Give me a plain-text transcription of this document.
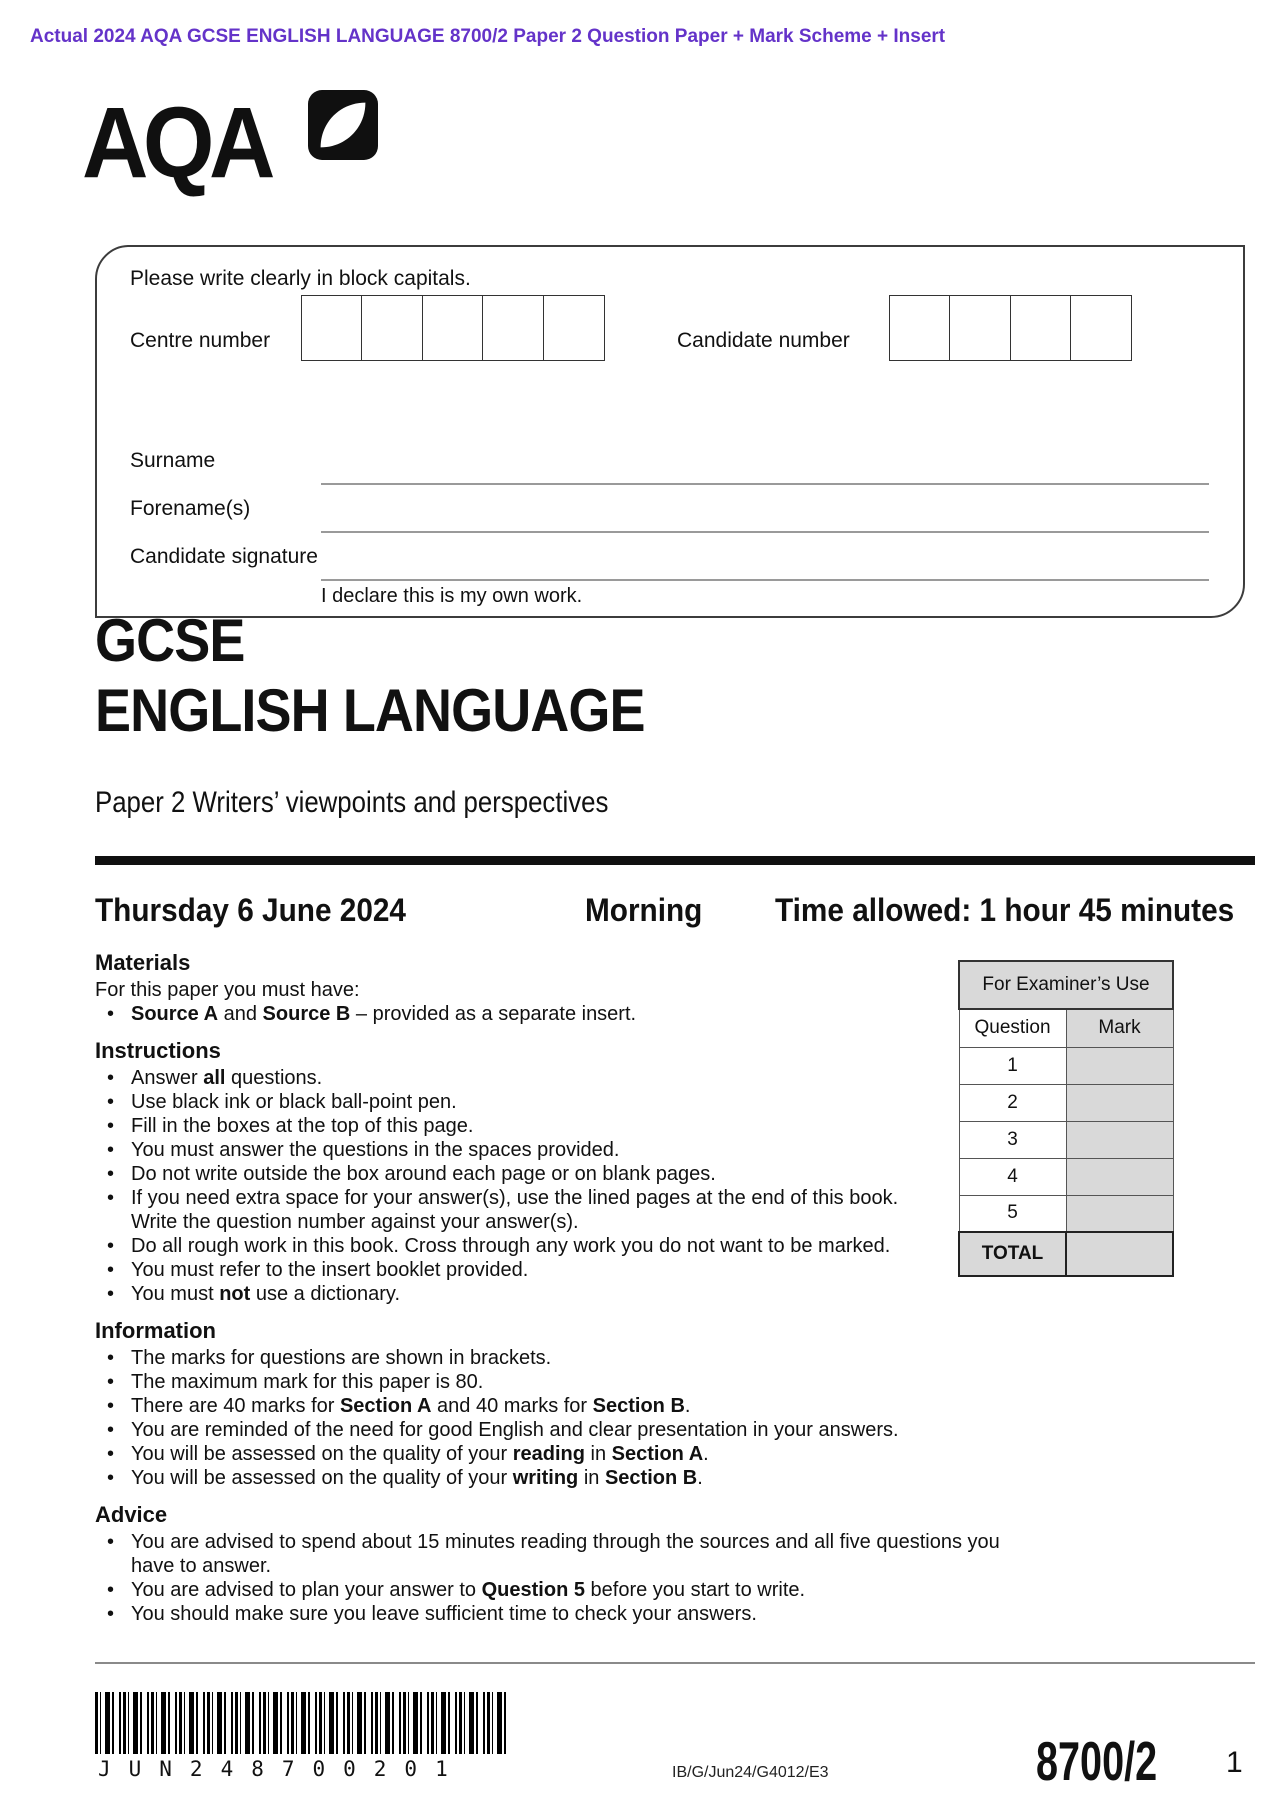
Actual 2024 AQA GCSE ENGLISH LANGUAGE 8700/2 Paper 2 Question Paper + Mark Scheme + Insert
AQA
Please write clearly in block capitals.
Centre number	Candidate number
Surname
Forename(s)
Candidate signature
I declare this is my own work.
GCSE
ENGLISH LANGUAGE
Paper 2 Writers’ viewpoints and perspectives
Thursday 6 June 2024	Morning Time allowed: 1 hour 45 minutes
Materials

For this paper you must have:

• Source A and Source B – provided as a separate insert.
Instructions
• Answer all questions.
• Use black ink or black ball-point pen.
• Fill in the boxes at the top of this page.
• You must answer the questions in the spaces provided.
• Do not write outside the box around each page or on blank pages.
• If you need extra space for your answer(s), use the lined pages at the end of this book. Write the question number against your answer(s).
• Do all rough work in this book. Cross through any work you do not want to be marked.
• You must refer to the insert booklet provided.
• You must not use a dictionary.
Information
• The marks for questions are shown in brackets.
• The maximum mark for this paper is 80.
• There are 40 marks for Section A and 40 marks for Section B.
• You are reminded of the need for good English and clear presentation in your answers.
• You will be assessed on the quality of your reading in Section A.
• You will be assessed on the quality of your writing in Section B.
Advice
• You are advised to spend about 15 minutes reading through the sources and all five questions you have to answer.
• You are advised to plan your answer to Question 5 before you start to write.
• You should make sure you leave sufficient time to check your answers.
For Examiner’s Use	
Question	Mark
1	
2	
3	
4	
5	
TOTAL	
JUN248700201	IB/G/Jun24/G4012/E3	8700/2 1
